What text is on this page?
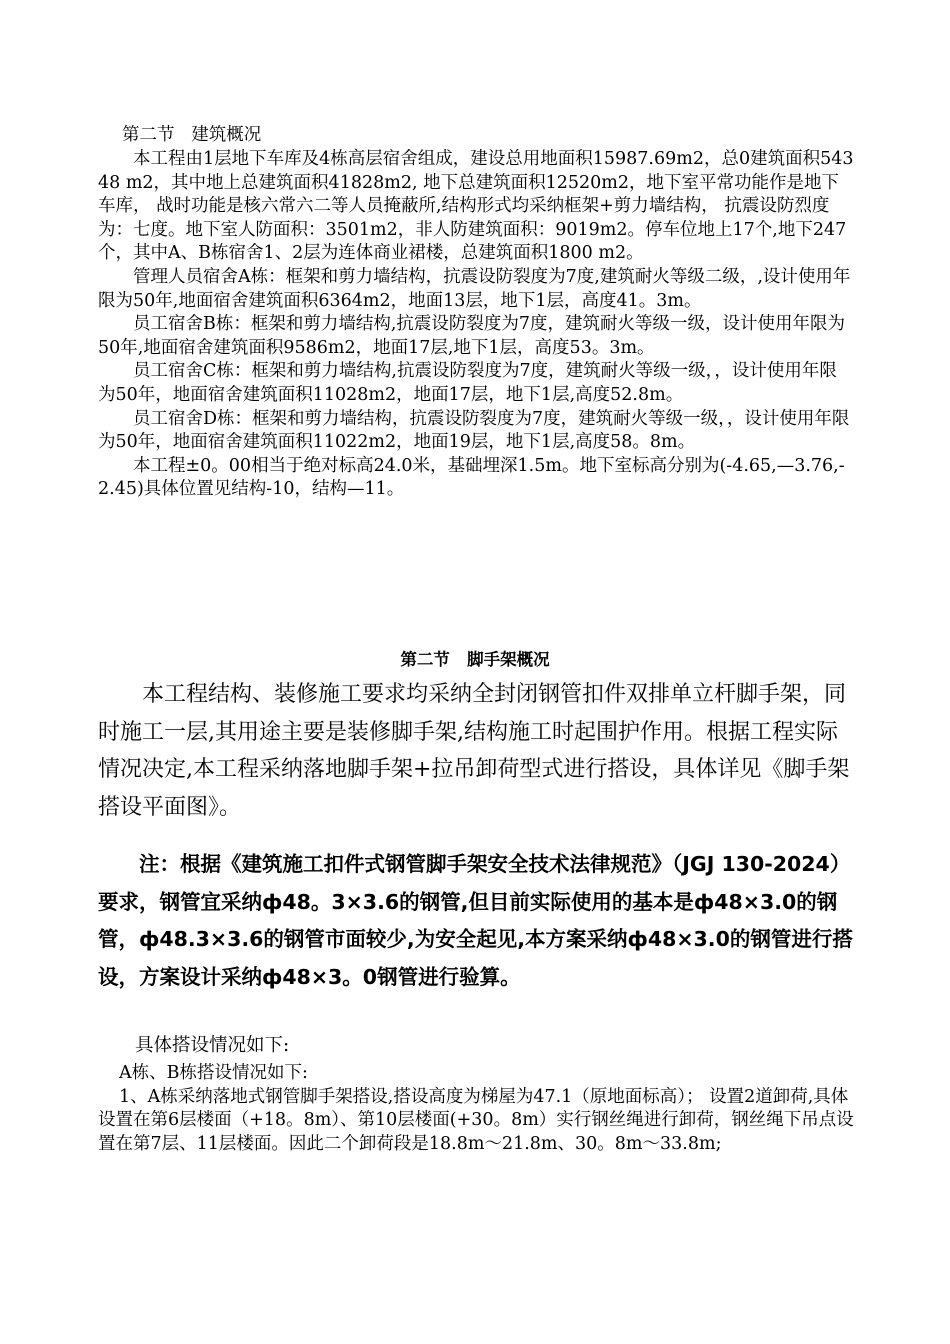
第二节   建筑概况

本工程由1层地下车库及4栋高层宿舍组成，建设总用地面积15987.69m2，总0建筑面积54348 m2，其中地上总建筑面积41828m2, 地下总建筑面积12520m2，地下室平常功能作是地下车库， 战时功能是核六常六二等人员掩蔽所,结构形式均采纳框架+剪力墙结构， 抗震设防烈度为：七度。地下室人防面积：3501m2，非人防建筑面积：9019m2。停车位地上17个,地下247个，其中A、B栋宿舍1、2层为连体商业裙楼，总建筑面积1800 m2。

管理人员宿舍A栋：框架和剪力墙结构，抗震设防裂度为7度,建筑耐火等级二级，,设计使用年限为50年,地面宿舍建筑面积6364m2，地面13层，地下1层，高度41。3m。

员工宿舍B栋：框架和剪力墙结构,抗震设防裂度为7度，建筑耐火等级一级，设计使用年限为50年,地面宿舍建筑面积9586m2，地面17层,地下1层，高度53。3m。

员工宿舍C栋：框架和剪力墙结构,抗震设防裂度为7度，建筑耐火等级一级，，设计使用年限为50年，地面宿舍建筑面积11028m2，地面17层，地下1层,高度52.8m。

员工宿舍D栋：框架和剪力墙结构，抗震设防裂度为7度，建筑耐火等级一级，，设计使用年限为50年，地面宿舍建筑面积11022m2，地面19层，地下1层,高度58。8m。

本工程±0。00相当于绝对标高24.0米，基础埋深1.5m。地下室标高分别为(-4.65,—3.76,-2.45)具体位置见结构-10，结构—11。

第二节   脚手架概况

本工程结构、装修施工要求均采纳全封闭钢管扣件双排单立杆脚手架，同时施工一层,其用途主要是装修脚手架,结构施工时起围护作用。根据工程实际情况决定,本工程采纳落地脚手架+拉吊卸荷型式进行搭设，具体详见《脚手架搭设平面图》。

注：根据《建筑施工扣件式钢管脚手架安全技术法律规范》（JGJ 130-2024）要求，钢管宜采纳ф48。3×3.6的钢管,但目前实际使用的基本是ф48×3.0的钢管，ф48.3×3.6的钢管市面较少,为安全起见,本方案采纳ф48×3.0的钢管进行搭设，方案设计采纳ф48×3。0钢管进行验算。

具体搭设情况如下:

A栋、B栋搭设情况如下:

1、A栋采纳落地式钢管脚手架搭设,搭设高度为梯屋为47.1（原地面标高）； 设置2道卸荷,具体设置在第6层楼面（+18。8m）、第10层楼面(+30。8m）实行钢丝绳进行卸荷，钢丝绳下吊点设置在第7层、11层楼面。因此二个卸荷段是18.8m～21.8m、30。8m～33.8m;
